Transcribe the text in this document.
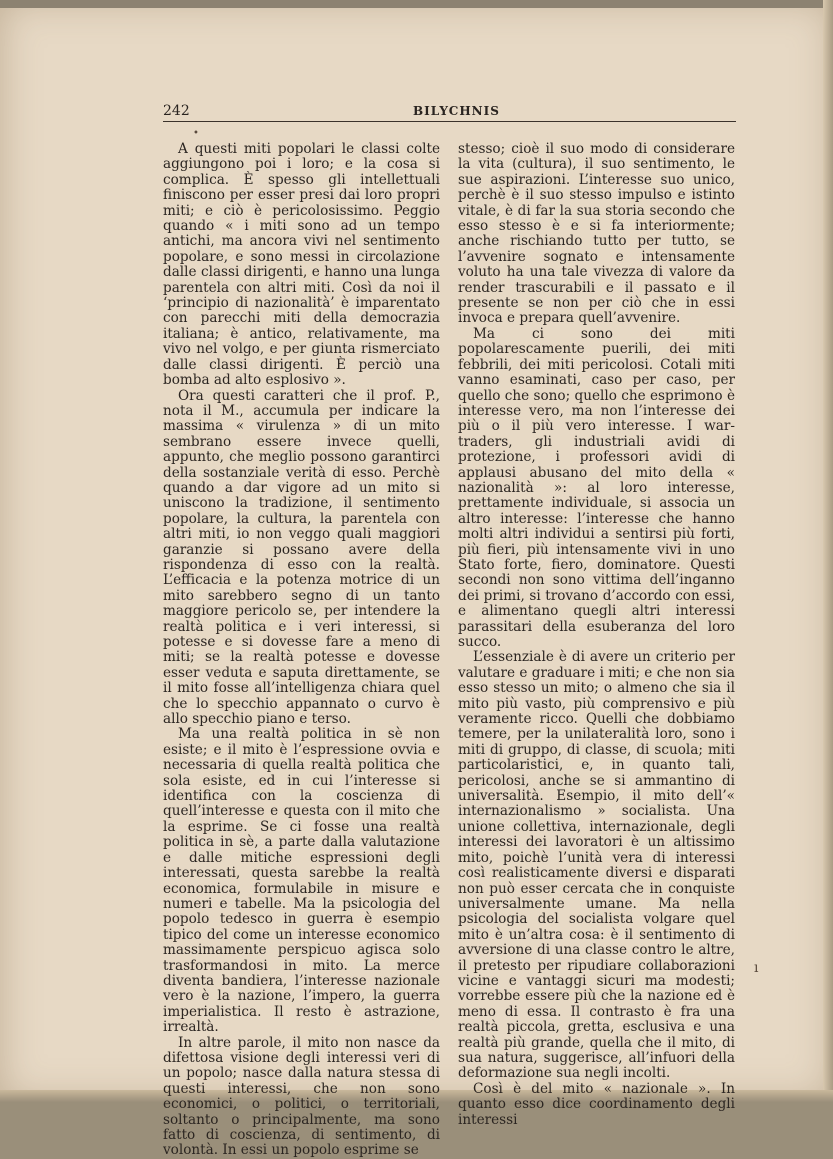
242	BILYCHNIS

A questi miti popolari le classi colte aggiungono poi i loro; e la cosa si complica. È spesso gli intellettuali finiscono per esser presi dai loro propri miti; e ciò è pericolosissimo. Peggio quando « i miti sono ad un tempo antichi, ma ancora vivi nel sentimento popolare, e sono messi in circolazione dalle classi dirigenti, e hanno una lunga parentela con altri miti. Così da noi il ‘principio di nazionalità’ è imparentato con parecchi miti della democrazia italiana; è antico, relativamente, ma vivo nel volgo, e per giunta rismerciato dalle classi dirigenti. È perciò una bomba ad alto esplosivo ».

Ora questi caratteri che il prof. P., nota il M., accumula per indicare la massima « virulenza » di un mito sembrano essere invece quelli, appunto, che meglio possono garantirci della sostanziale verità di esso. Perchè quando a dar vigore ad un mito si uniscono la tradizione, il sentimento popolare, la cultura, la parentela con altri miti, io non veggo quali maggiori garanzie si possano avere della rispondenza di esso con la realtà. L’efficacia e la potenza motrice di un mito sarebbero segno di un tanto maggiore pericolo se, per intendere la realtà politica e i veri interessi, si potesse e si dovesse fare a meno di miti; se la realtà potesse e dovesse esser veduta e saputa direttamente, se il mito fosse all’intelligenza chiara quel che lo specchio appannato o curvo è allo specchio piano e terso.

Ma una realtà politica in sè non esiste; e il mito è l’espressione ovvia e necessaria di quella realtà politica che sola esiste, ed in cui l’interesse si identifica con la coscienza di quell’interesse e questa con il mito che la esprime. Se ci fosse una realtà politica in sè, a parte dalla valutazione e dalle mitiche espressioni degli interessati, questa sarebbe la realtà economica, formulabile in misure e numeri e tabelle. Ma la psicologia del popolo tedesco in guerra è esempio tipico del come un interesse economico massimamente perspicuo agisca solo trasformandosi in mito. La merce diventa bandiera, l’interesse nazionale vero è la nazione, l’impero, la guerra imperialistica. Il resto è astrazione, irrealtà.

In altre parole, il mito non nasce da difettosa visione degli interessi veri di un popolo; nasce dalla natura stessa di questi interessi, che non sono economici, o politici, o territoriali, soltanto o principalmente, ma sono fatto di coscienza, di sentimento, di volontà. In essi un popolo esprime se

stesso; cioè il suo modo di considerare la vita (cultura), il suo sentimento, le sue aspirazioni. L’interesse suo unico, perchè è il suo stesso impulso e istinto vitale, è di far la sua storia secondo che esso stesso è e si fa interiormente; anche rischiando tutto per tutto, se l’avvenire sognato e intensamente voluto ha una tale vivezza di valore da render trascurabili e il passato e il presente se non per ciò che in essi invoca e prepara quell’avvenire.

Ma ci sono dei miti popolarescamente puerili, dei miti febbrili, dei miti pericolosi. Cotali miti vanno esaminati, caso per caso, per quello che sono; quello che esprimono è interesse vero, ma non l’interesse dei più o il più vero interesse. I war-traders, gli industriali avidi di protezione, i professori avidi di applausi abusano del mito della « nazionalità »: al loro interesse, prettamente individuale, si associa un altro interesse: l’interesse che hanno molti altri individui a sentirsi più forti, più fieri, più intensamente vivi in uno Stato forte, fiero, dominatore. Questi secondi non sono vittima dell’inganno dei primi, si trovano d’accordo con essi, e alimentano quegli altri interessi parassitari della esuberanza del loro succo.

L’essenziale è di avere un criterio per valutare e graduare i miti; e che non sia esso stesso un mito; o almeno che sia il mito più vasto, più comprensivo e più veramente ricco. Quelli che dobbiamo temere, per la unilateralità loro, sono i miti di gruppo, di classe, di scuola; miti particolaristici, e, in quanto tali, pericolosi, anche se si ammantino di universalità. Esempio, il mito dell’« internazionalismo » socialista. Una unione collettiva, internazionale, degli interessi dei lavoratori è un altissimo mito, poichè l’unità vera di interessi così realisticamente diversi e disparati non può esser cercata che in conquiste universalmente umane. Ma nella psicologia del socialista volgare quel mito è un’altra cosa: è il sentimento di avversione di una classe contro le altre, il pretesto per ripudiare collaborazioni vicine e vantaggi sicuri ma modesti; vorrebbe essere più che la nazione ed è meno di essa. Il contrasto è fra una realtà piccola, gretta, esclusiva e una realtà più grande, quella che il mito, di sua natura, suggerisce, all’infuori della deformazione sua negli incolti.

Così è del mito « nazionale ». In quanto esso dice coordinamento degli interessi

•
ı
